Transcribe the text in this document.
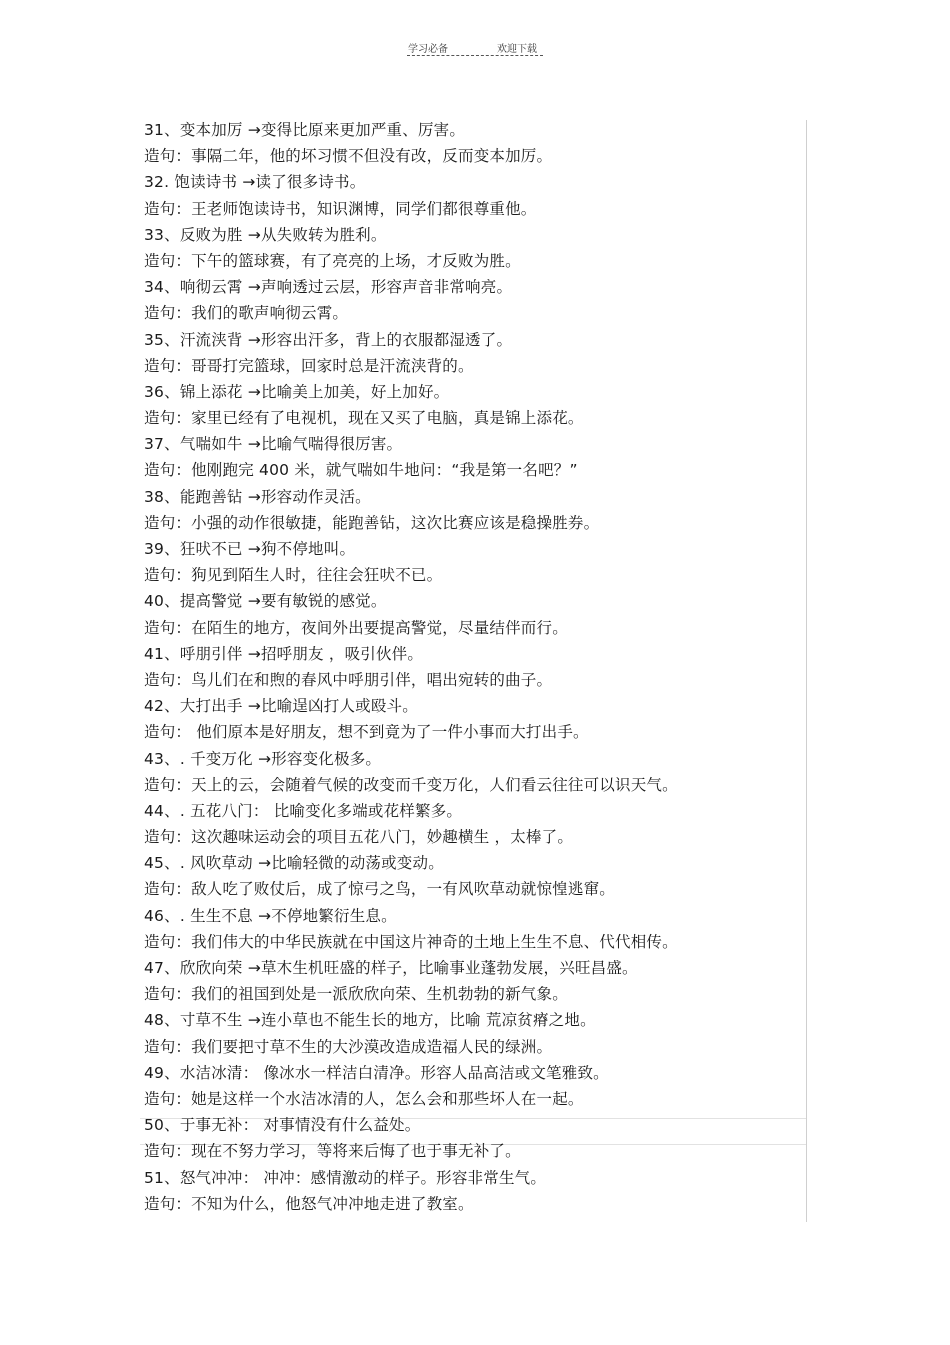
学习必备	欢迎下载
31、变本加厉 →变得比原来更加严重、厉害。
造句：事隔二年，他的坏习惯不但没有改，反而变本加厉。
32. 饱读诗书 →读了很多诗书。
造句：王老师饱读诗书，知识渊博，同学们都很尊重他。
33、反败为胜 →从失败转为胜利。
造句：下午的篮球赛，有了亮亮的上场，才反败为胜。
34、响彻云霄 →声响透过云层，形容声音非常响亮。
造句：我们的歌声响彻云霄。
35、汗流浃背 →形容出汗多，背上的衣服都湿透了。
造句：哥哥打完篮球，回家时总是汗流浃背的。
36、锦上添花 →比喻美上加美，好上加好。
造句：家里已经有了电视机，现在又买了电脑，真是锦上添花。
37、气喘如牛 →比喻气喘得很厉害。
造句：他刚跑完 400 米，就气喘如牛地问：“我是第一名吧？”
38、能跑善钻 →形容动作灵活。
造句：小强的动作很敏捷，能跑善钻，这次比赛应该是稳操胜券。
39、狂吠不已 →狗不停地叫。
造句：狗见到陌生人时，往往会狂吠不已。
40、提高警觉 →要有敏锐的感觉。
造句：在陌生的地方，夜间外出要提高警觉，尽量结伴而行。
41、呼朋引伴 →招呼朋友 ，吸引伙伴。
造句：鸟儿们在和煦的春风中呼朋引伴，唱出宛转的曲子。
42、大打出手 →比喻逞凶打人或殴斗。
造句： 他们原本是好朋友，想不到竟为了一件小事而大打出手。
43、. 千变万化 →形容变化极多。
造句：天上的云，会随着气候的改变而千变万化，人们看云往往可以识天气。
44、. 五花八门： 比喻变化多端或花样繁多。
造句：这次趣味运动会的项目五花八门，妙趣横生 ，太棒了。
45、. 风吹草动 →比喻轻微的动荡或变动。
造句：敌人吃了败仗后，成了惊弓之鸟，一有风吹草动就惊惶逃窜。
46、. 生生不息 →不停地繁衍生息。
造句：我们伟大的中华民族就在中国这片神奇的土地上生生不息、代代相传。
47、欣欣向荣 →草木生机旺盛的样子，比喻事业蓬勃发展，兴旺昌盛。
造句：我们的祖国到处是一派欣欣向荣、生机勃勃的新气象。
48、寸草不生 →连小草也不能生长的地方，比喻 荒凉贫瘠之地。
造句：我们要把寸草不生的大沙漠改造成造福人民的绿洲。
49、水洁冰清： 像冰水一样洁白清净。形容人品高洁或文笔雅致。
造句：她是这样一个水洁冰清的人，怎么会和那些坏人在一起。
50、于事无补： 对事情没有什么益处。
造句：现在不努力学习，等将来后悔了也于事无补了。
51、怒气冲冲： 冲冲：感情激动的样子。形容非常生气。
造句：不知为什么，他怒气冲冲地走进了教室。
